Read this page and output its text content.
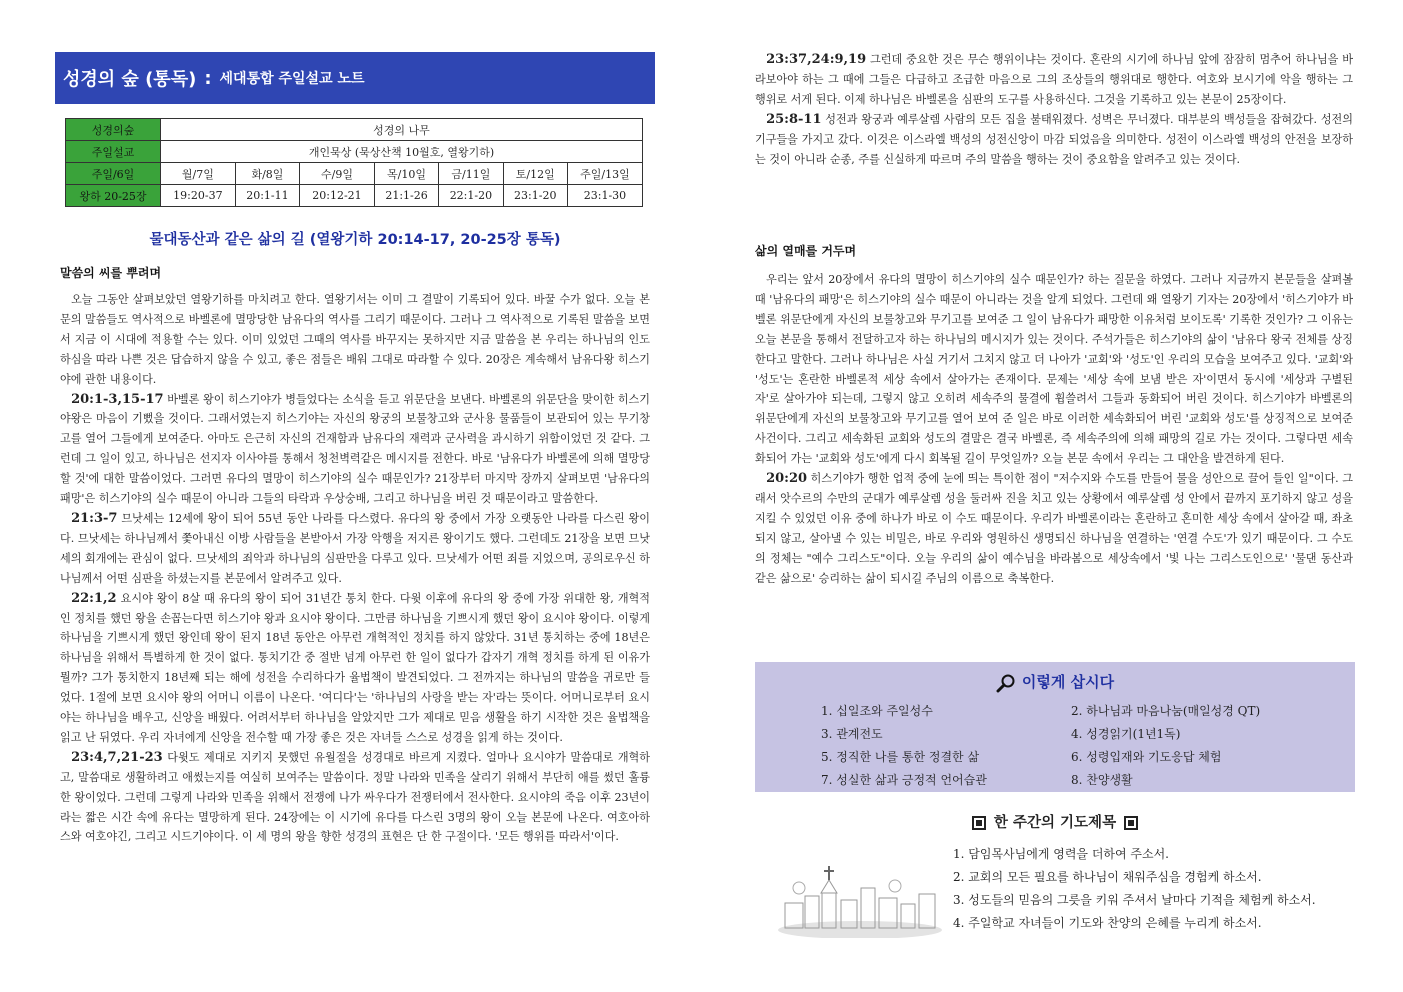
성경의 숲 (통독) : 세대통합 주일설교 노트
성경의숲	성경의 나무						
주일설교	개인묵상 (묵상산책 10월호, 열왕기하)						
주일/6일	월/7일	화/8일	수/9일	목/10일	금/11일	토/12일	주일/13일
왕하 20-25장	19:20-37	20:1-11	20:12-21	21:1-26	22:1-20	23:1-20	23:1-30
물대동산과 같은 삶의 길 (열왕기하 20:14-17, 20-25장 통독)
말씀의 씨를 뿌려며

오늘 그동안 살펴보았던 열왕기하를 마치려고 한다. 열왕기서는 이미 그 결말이 기록되어 있다. 바꿀 수가 없다. 오늘 본문의 말씀들도 역사적으로 바벨론에 멸망당한 남유다의 역사를 그리기 때문이다. 그러나 그 역사적으로 기록된 말씀을 보면서 지금 이 시대에 적용할 수는 있다. 이미 있었던 그때의 역사를 바꾸지는 못하지만 지금 말씀을 본 우리는 하나님의 인도하심을 따라 나쁜 것은 답습하지 않을 수 있고, 좋은 점들은 배워 그대로 따라할 수 있다. 20장은 계속해서 남유다왕 히스기야에 관한 내용이다.

20:1-3,15-17 바벨론 왕이 히스기야가 병들었다는 소식을 듣고 위문단을 보낸다. 바벨론의 위문단을 맞이한 히스기야왕은 마음이 기뻤을 것이다. 그래서였는지 히스기야는 자신의 왕궁의 보물창고와 군사용 물품들이 보관되어 있는 무기창고를 열어 그들에게 보여준다. 아마도 은근히 자신의 건재함과 남유다의 재력과 군사력을 과시하기 위함이었던 것 같다. 그런데 그 일이 있고, 하나님은 선지자 이사야를 통해서 청천벽력같은 메시지를 전한다. 바로 '남유다가 바벨론에 의해 멸망당할 것'에 대한 말씀이었다. 그러면 유다의 멸망이 히스기야의 실수 때문인가? 21장부터 마지막 장까지 살펴보면 '남유다의 패망'은 히스기야의 실수 때문이 아니라 그들의 타락과 우상숭배, 그리고 하나님을 버린 것 때문이라고 말씀한다.

21:3-7 므낫세는 12세에 왕이 되어 55년 동안 나라를 다스렸다. 유다의 왕 중에서 가장 오랫동안 나라를 다스린 왕이다. 므낫세는 하나님께서 쫓아내신 이방 사람들을 본받아서 가장 악행을 저지른 왕이기도 했다. 그런데도 21장을 보면 므낫세의 회개에는 관심이 없다. 므낫세의 죄악과 하나님의 심판만을 다루고 있다. 므낫세가 어떤 죄를 지었으며, 공의로우신 하나님께서 어떤 심판을 하셨는지를 본문에서 알려주고 있다.

22:1,2 요시야 왕이 8살 때 유다의 왕이 되어 31년간 통치 한다. 다윗 이후에 유다의 왕 중에 가장 위대한 왕, 개혁적인 정치를 했던 왕을 손꼽는다면 히스기야 왕과 요시야 왕이다. 그만큼 하나님을 기쁘시게 했던 왕이 요시야 왕이다. 이렇게 하나님을 기쁘시게 했던 왕인데 왕이 된지 18년 동안은 아무런 개혁적인 정치를 하지 않았다. 31년 통치하는 중에 18년은 하나님을 위해서 특별하게 한 것이 없다. 통치기간 중 절반 넘게 아무런 한 일이 없다가 갑자기 개혁 정치를 하게 된 이유가 뭘까? 그가 통치한지 18년째 되는 해에 성전을 수리하다가 율법책이 발견되었다. 그 전까지는 하나님의 말씀을 귀로만 들었다. 1절에 보면 요시야 왕의 어머니 이름이 나온다. '여디다'는 '하나님의 사랑을 받는 자'라는 뜻이다. 어머니로부터 요시야는 하나님을 배우고, 신앙을 배웠다. 어려서부터 하나님을 알았지만 그가 제대로 믿음 생활을 하기 시작한 것은 율법책을 읽고 난 뒤였다. 우리 자녀에게 신앙을 전수할 때 가장 좋은 것은 자녀들 스스로 성경을 읽게 하는 것이다.

23:4,7,21-23 다윗도 제대로 지키지 못했던 유월절을 성경대로 바르게 지켰다. 얼마나 요시야가 말씀대로 개혁하고, 말씀대로 생활하려고 애썼는지를 여실히 보여주는 말씀이다. 정말 나라와 민족을 살리기 위해서 부단히 애를 썼던 훌륭한 왕이었다. 그런데 그렇게 나라와 민족을 위해서 전쟁에 나가 싸우다가 전쟁터에서 전사한다. 요시야의 죽음 이후 23년이라는 짧은 시간 속에 유다는 멸망하게 된다. 24장에는 이 시기에 유다를 다스린 3명의 왕이 오늘 본문에 나온다. 여호아하스와 여호야긴, 그리고 시드기야이다. 이 세 명의 왕을 향한 성경의 표현은 단 한 구절이다. '모든 행위를 따라서'이다.

23:37,24:9,19 그런데 중요한 것은 무슨 행위이냐는 것이다. 혼란의 시기에 하나님 앞에 잠잠히 멈추어 하나님을 바라보아야 하는 그 때에 그들은 다급하고 조급한 마음으로 그의 조상들의 행위대로 행한다. 여호와 보시기에 악을 행하는 그 행위로 서게 된다. 이제 하나님은 바벨론을 심판의 도구를 사용하신다. 그것을 기록하고 있는 본문이 25장이다.

25:8-11 성전과 왕궁과 예루살렘 사람의 모든 집을 불태워졌다. 성벽은 무너졌다. 대부분의 백성들을 잡혀갔다. 성전의 기구들을 가지고 갔다. 이것은 이스라엘 백성의 성전신앙이 마감 되었음을 의미한다. 성전이 이스라엘 백성의 안전을 보장하는 것이 아니라 순종, 주를 신실하게 따르며 주의 말씀을 행하는 것이 중요함을 알려주고 있는 것이다.

삶의 열매를 거두며

우리는 앞서 20장에서 유다의 멸망이 히스기야의 실수 때문인가? 하는 질문을 하였다. 그러나 지금까지 본문들을 살펴볼 때 '남유다의 패망'은 히스기야의 실수 때문이 아니라는 것을 알게 되었다. 그런데 왜 열왕기 기자는 20장에서 '히스기야가 바벨론 위문단에게 자신의 보물창고와 무기고를 보여준 그 일이 남유다가 패망한 이유처럼 보이도록' 기록한 것인가? 그 이유는 오늘 본문을 통해서 전달하고자 하는 하나님의 메시지가 있는 것이다. 주석가들은 히스기야의 삶이 '남유다 왕국 전체를 상징한다고 말한다. 그러나 하나님은 사실 거기서 그치지 않고 더 나아가 '교회'와 '성도'인 우리의 모습을 보여주고 있다. '교회'와 '성도'는 혼란한 바벨론적 세상 속에서 살아가는 존재이다. 문제는 '세상 속에 보냄 받은 자'이면서 동시에 '세상과 구별된 자'로 살아가야 되는데, 그렇지 않고 오히려 세속주의 물결에 휩쓸려서 그들과 동화되어 버린 것이다. 히스기야가 바벨론의 위문단에게 자신의 보물창고와 무기고를 열어 보여 준 일은 바로 이러한 세속화되어 버린 '교회와 성도'를 상징적으로 보여준 사건이다. 그리고 세속화된 교회와 성도의 결말은 결국 바벨론, 즉 세속주의에 의해 패망의 길로 가는 것이다. 그렇다면 세속화되어 가는 '교회와 성도'에게 다시 회복될 길이 무엇일까? 오늘 본문 속에서 우리는 그 대안을 발견하게 된다.

20:20 히스기야가 행한 업적 중에 눈에 띄는 특이한 점이 "저수지와 수도를 만들어 물을 성안으로 끌어 들인 일"이다. 그래서 앗수르의 수만의 군대가 예루살렘 성을 둘러싸 진을 치고 있는 상황에서 예루살렘 성 안에서 끝까지 포기하지 않고 성을 지킬 수 있었던 이유 중에 하나가 바로 이 수도 때문이다. 우리가 바벨론이라는 혼란하고 혼미한 세상 속에서 살아갈 때, 좌초되지 않고, 살아낼 수 있는 비밀은, 바로 우리와 영원하신 생명되신 하나님을 연결하는 '연결 수도'가 있기 때문이다. 그 수도의 정체는 "예수 그리스도"이다. 오늘 우리의 삶이 예수님을 바라봄으로 세상속에서 '빛 나는 그리스도인으로' '물댄 동산과 같은 삶으로' 승리하는 삶이 되시길 주님의 이름으로 축복한다.

이렇게 삽시다
1. 십일조와 주일성수	2. 하나님과 마음나눔(매일성경 QT)
3. 관계전도	4. 성경읽기(1년1독)
5. 정직한 나를 통한 정결한 삶	6. 성령입재와 기도응답 체험
7. 성실한 삶과 긍정적 언어습관	8. 찬양생활
한 주간의 기도제목
1. 담임목사님에게 영력을 더하여 주소서.
2. 교회의 모든 필요를 하나님이 채워주심을 경험케 하소서.
3. 성도들의 믿음의 그릇을 키워 주셔서 날마다 기적을 체험케 하소서.
4. 주일학교 자녀들이 기도와 찬양의 은혜를 누리게 하소서.
